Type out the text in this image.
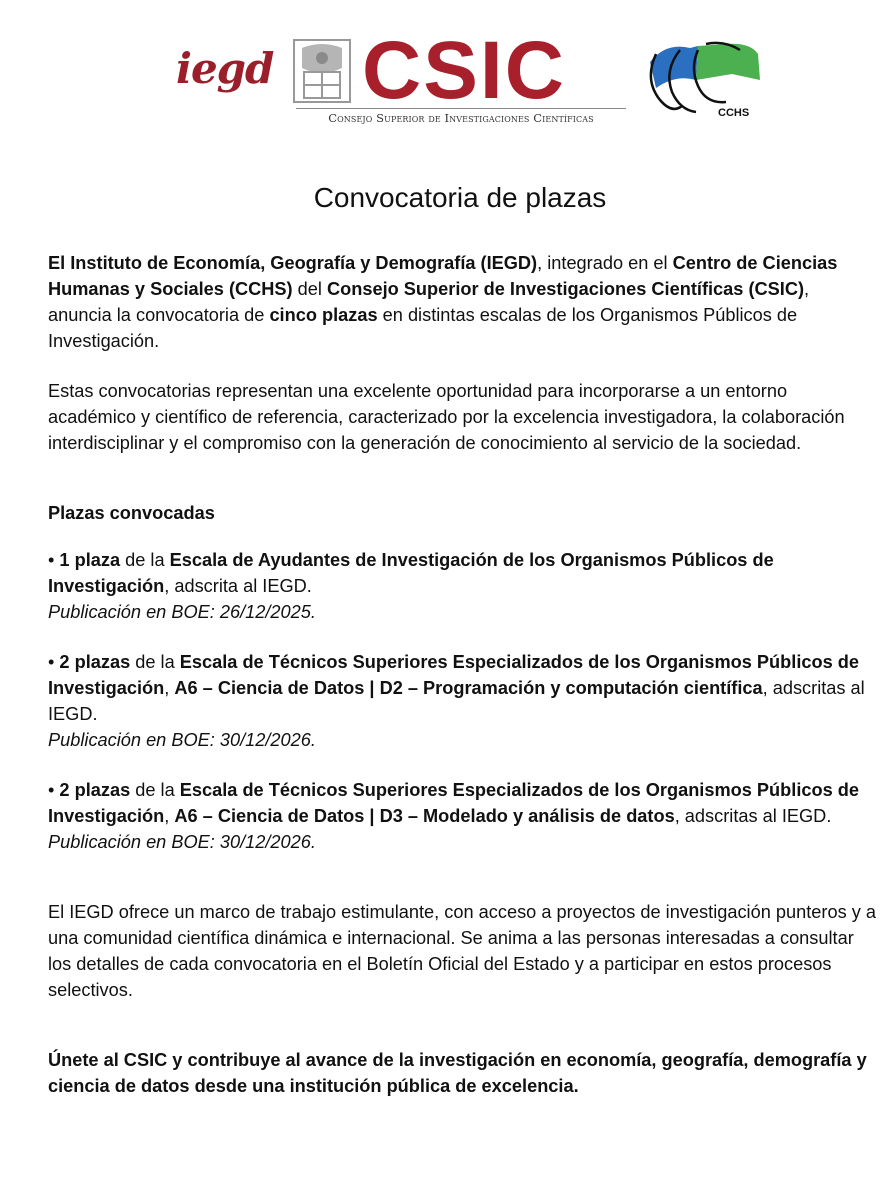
iegd CSIC
Consejo Superior de Investigaciones Científicas	CCHS
Convocatoria de plazas

El Instituto de Economía, Geografía y Demografía (IEGD), integrado en el Centro de Ciencias Humanas y Sociales (CCHS) del Consejo Superior de Investigaciones Científicas (CSIC), anuncia la convocatoria de cinco plazas en distintas escalas de los Organismos Públicos de Investigación.

Estas convocatorias representan una excelente oportunidad para incorporarse a un entorno académico y científico de referencia, caracterizado por la excelencia investigadora, la colaboración interdisciplinar y el compromiso con la generación de conocimiento al servicio de la sociedad.

Plazas convocadas

• 1 plaza de la Escala de Ayudantes de Investigación de los Organismos Públicos de Investigación, adscrita al IEGD.

Publicación en BOE: 26/12/2025.

• 2 plazas de la Escala de Técnicos Superiores Especializados de los Organismos Públicos de Investigación, A6 – Ciencia de Datos | D2 – Programación y computación científica, adscritas al IEGD.

Publicación en BOE: 30/12/2026.

• 2 plazas de la Escala de Técnicos Superiores Especializados de los Organismos Públicos de Investigación, A6 – Ciencia de Datos | D3 – Modelado y análisis de datos, adscritas al IEGD.

Publicación en BOE: 30/12/2026.

El IEGD ofrece un marco de trabajo estimulante, con acceso a proyectos de investigación punteros y a una comunidad científica dinámica e internacional. Se anima a las personas interesadas a consultar los detalles de cada convocatoria en el Boletín Oficial del Estado y a participar en estos procesos selectivos.

Únete al CSIC y contribuye al avance de la investigación en economía, geografía, demografía y ciencia de datos desde una institución pública de excelencia.
